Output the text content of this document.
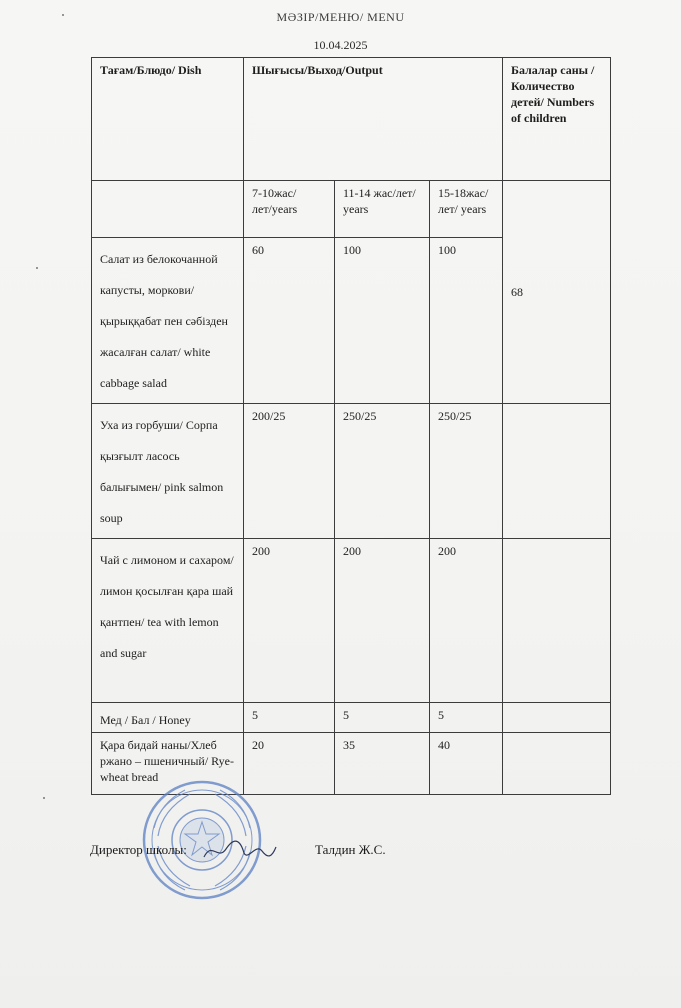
МӘЗІР/МЕНЮ/ MENU
10.04.2025
Тағам/Блюдо/ Dish	Шығысы/Выход/Output			Балалар саны /Количество детей/ Numbers of children
	7-10жас/лет/years	11-14 жас/лет/ years	15-18жас/лет/ years	68
Салат из белокочанной капусты, моркови/ қырыққабат пен сәбізден жасалған салат/ white cabbage salad	60	100	100	
Уха из горбуши/ Сорпа қызғылт ласось балығымен/ pink salmon soup	200/25	250/25	250/25	
Чай с лимоном и сахаром/ лимон қосылған қара шай қантпен/ tea with lemon and sugar	200	200	200	
Мед / Бал / Honey	5	5	5	
Қара бидай наны/Хлеб ржано – пшеничный/ Rye-wheat bread	20	35	40	
Директор школы:	Талдин Ж.С.
